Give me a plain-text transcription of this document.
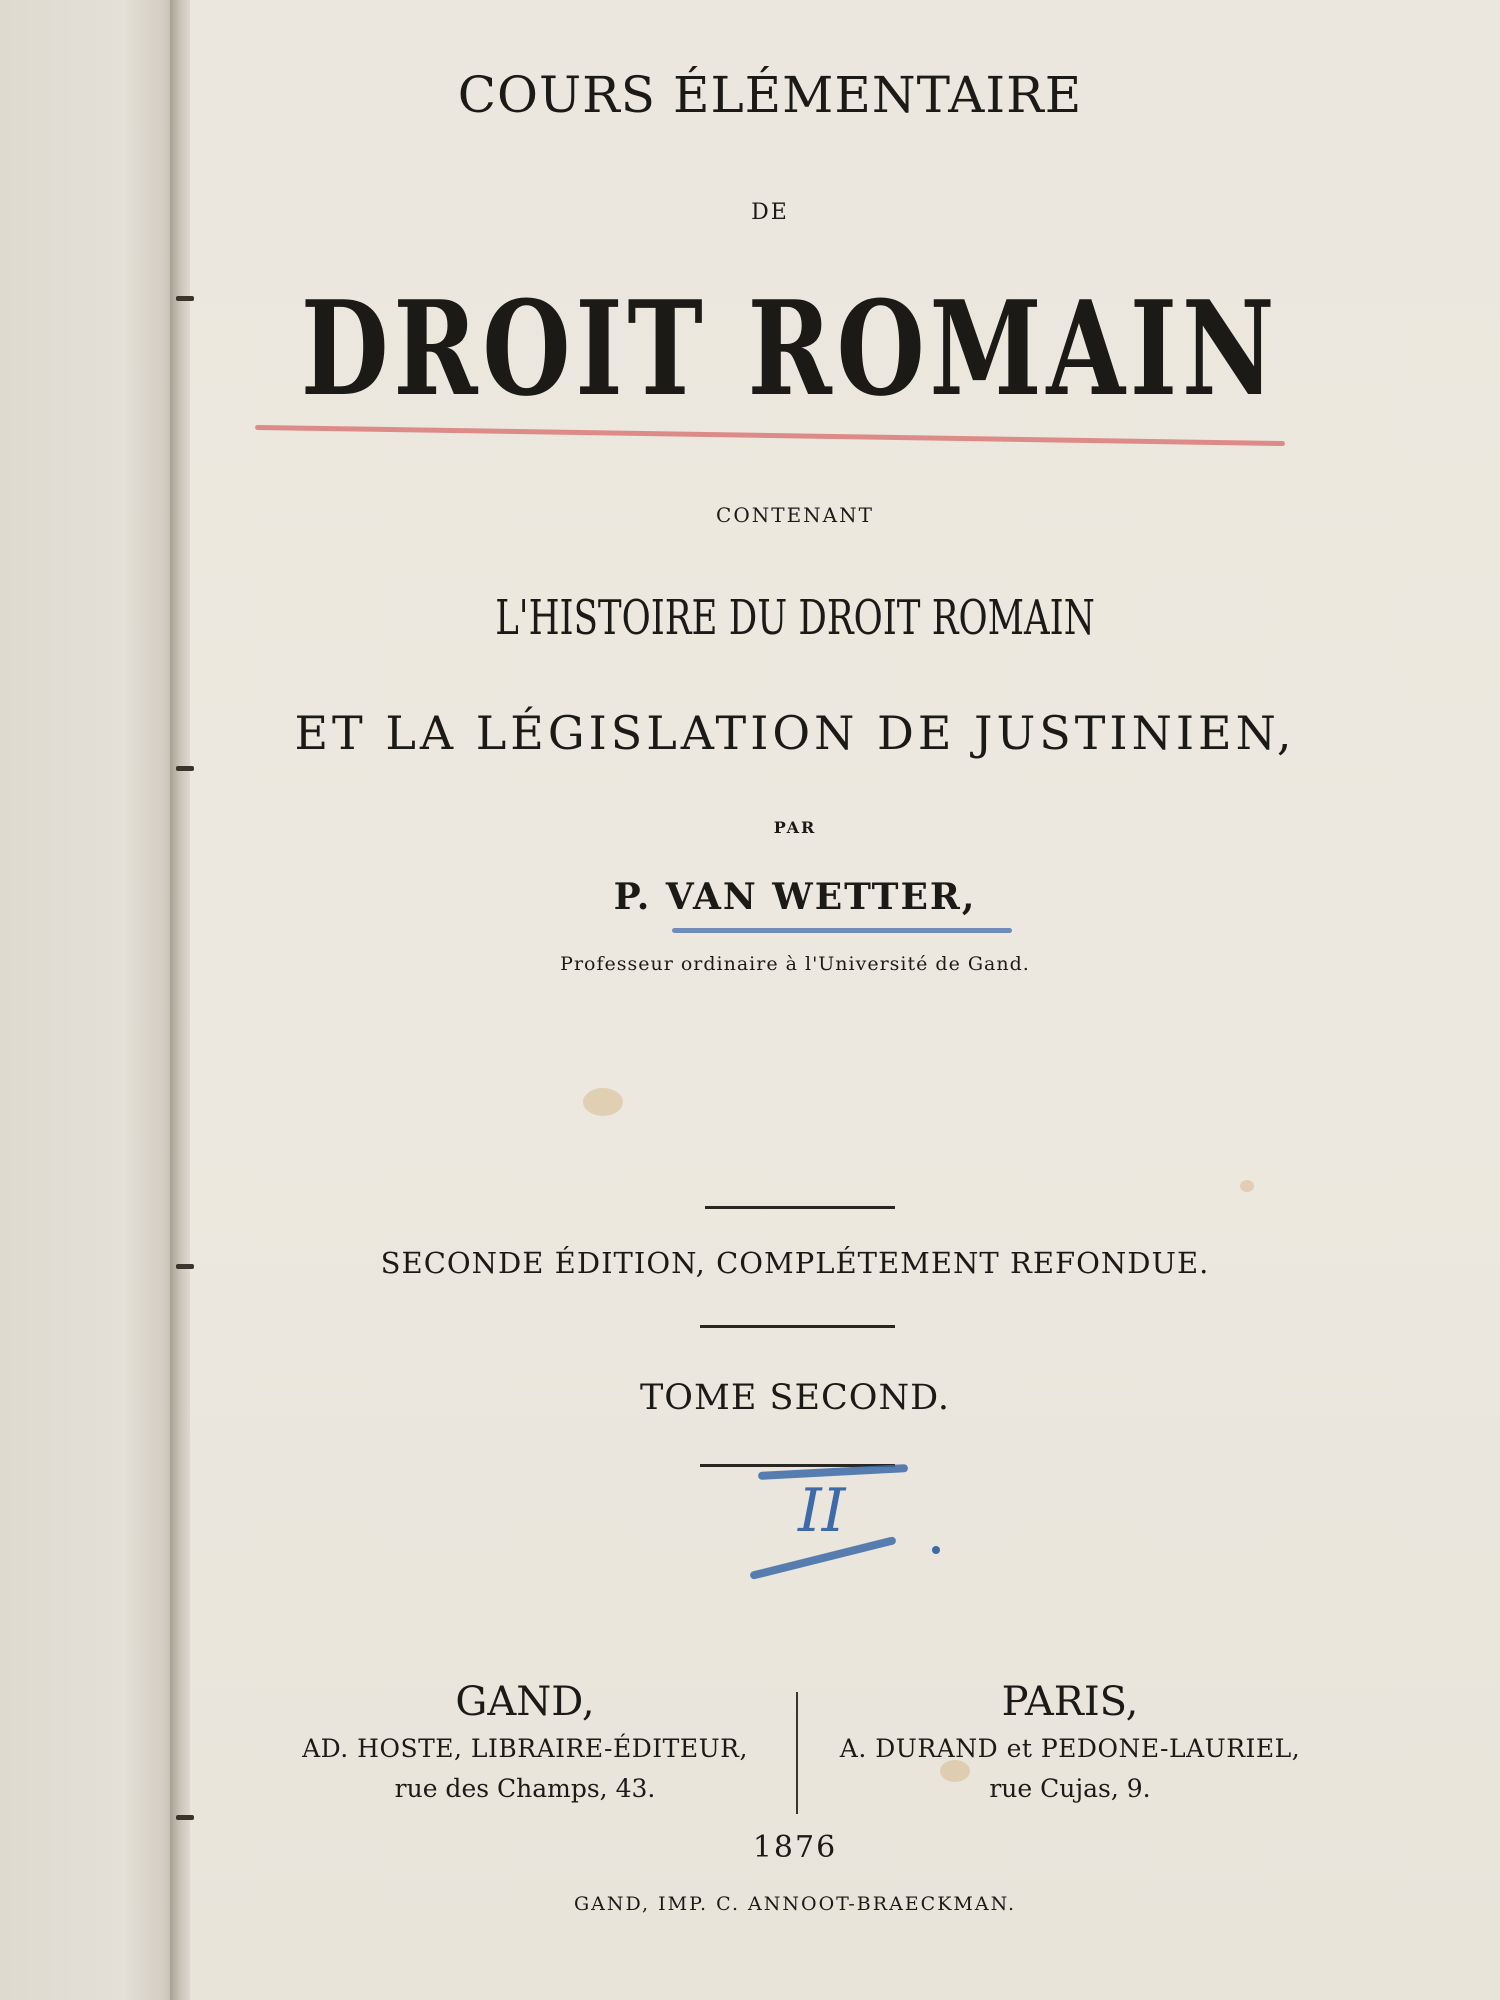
COURS ÉLÉMENTAIRE
DE
DROIT ROMAIN
CONTENANT
L'HISTOIRE DU DROIT ROMAIN
ET LA LÉGISLATION DE JUSTINIEN,
PAR
P. VAN WETTER,
Professeur ordinaire à l'Université de Gand.
SECONDE ÉDITION, COMPLÉTEMENT REFONDUE.
TOME SECOND.
II
GAND,
AD. HOSTE, LIBRAIRE-ÉDITEUR,
rue des Champs, 43.
PARIS,
A. DURAND et PEDONE-LAURIEL,
rue Cujas, 9.
1876
GAND, IMP. C. ANNOOT-BRAECKMAN.
